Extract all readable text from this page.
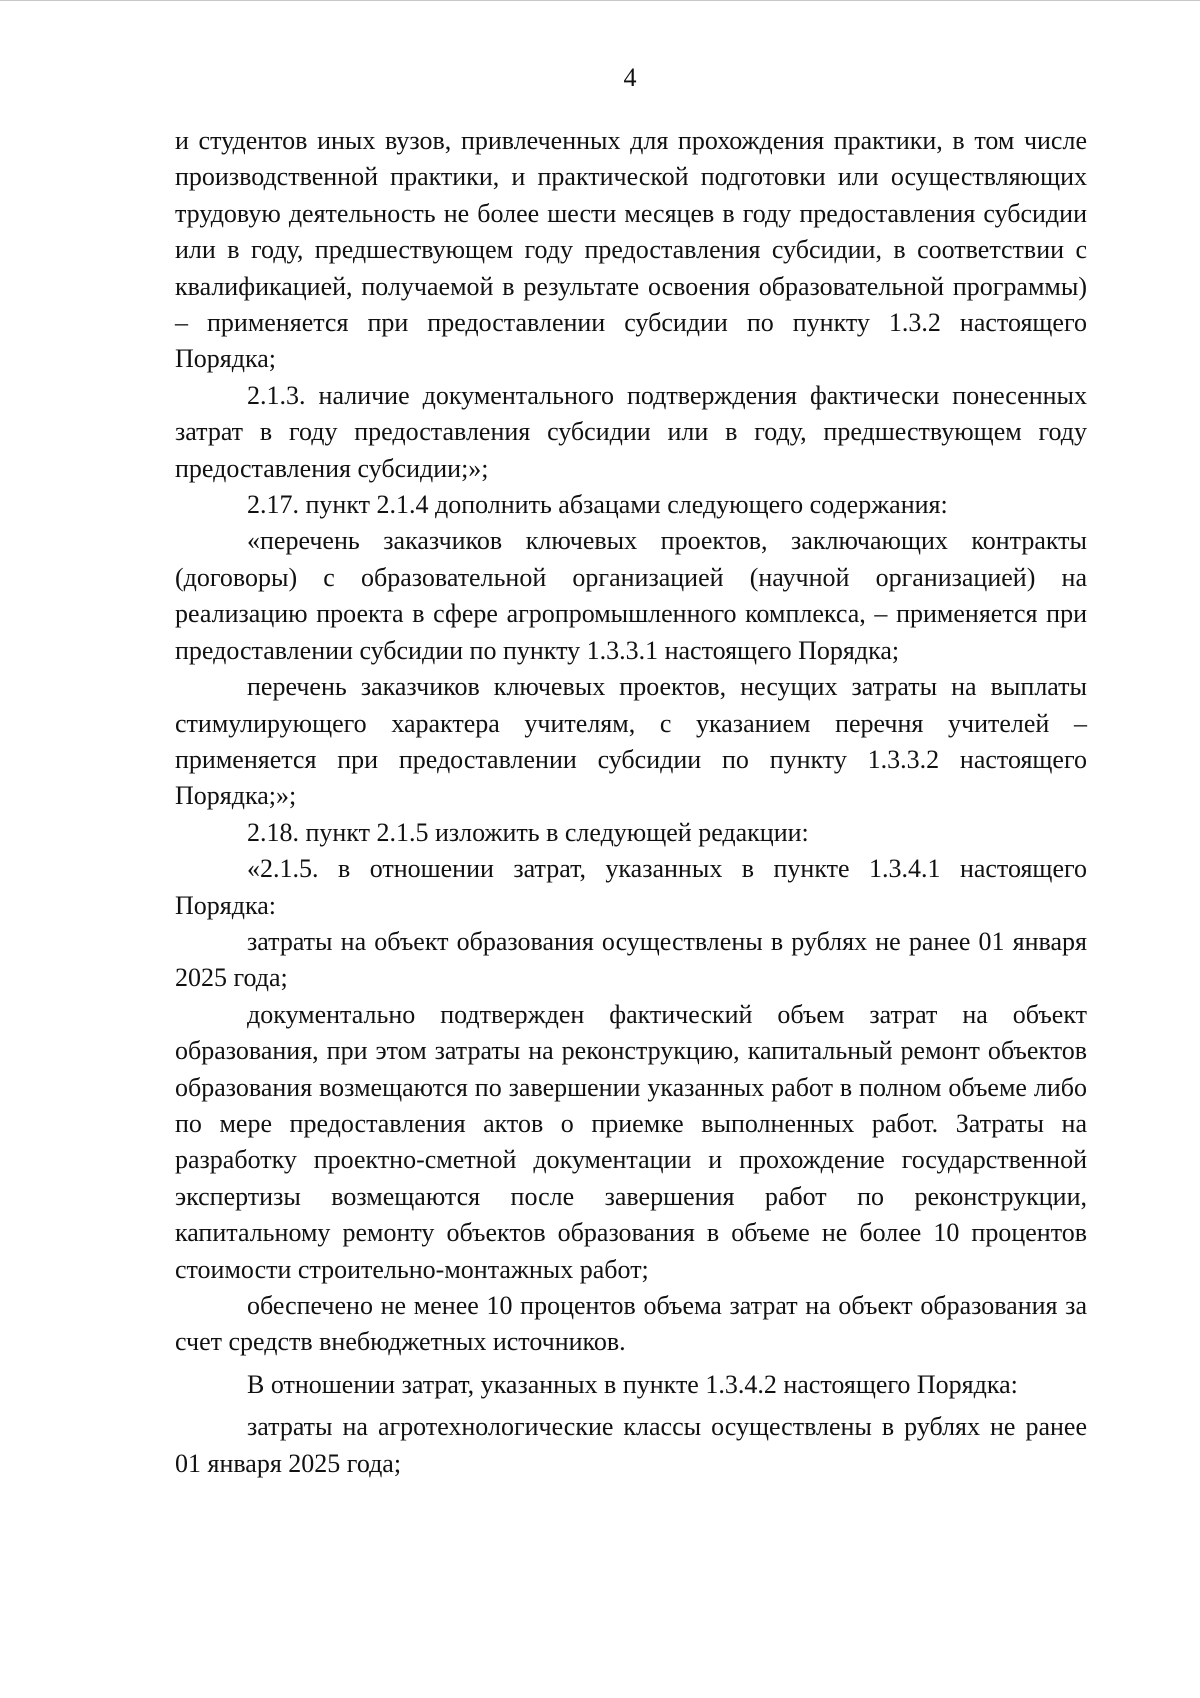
4

и студентов иных вузов, привлеченных для прохождения практики, в том числе производственной практики, и практической подготовки или осуществляющих трудовую деятельность не более шести месяцев в году предоставления субсидии или в году, предшествующем году предоставления субсидии, в соответствии с квалификацией, получаемой в результате освоения образовательной программы) – применяется при предоставлении субсидии по пункту 1.3.2 настоящего Порядка;

2.1.3. наличие документального подтверждения фактически понесенных затрат в году предоставления субсидии или в году, предшествующем году предоставления субсидии;»;

2.17. пункт 2.1.4 дополнить абзацами следующего содержания:

«перечень заказчиков ключевых проектов, заключающих контракты (договоры) с образовательной организацией (научной организацией) на реализацию проекта в сфере агропромышленного комплекса, – применяется при предоставлении субсидии по пункту 1.3.3.1 настоящего Порядка;

перечень заказчиков ключевых проектов, несущих затраты на выплаты стимулирующего характера учителям, с указанием перечня учителей – применяется при предоставлении субсидии по пункту 1.3.3.2 настоящего Порядка;»;

2.18. пункт 2.1.5 изложить в следующей редакции:

«2.1.5. в отношении затрат, указанных в пункте 1.3.4.1 настоящего Порядка:

затраты на объект образования осуществлены в рублях не ранее 01 января 2025 года;

документально подтвержден фактический объем затрат на объект образования, при этом затраты на реконструкцию, капитальный ремонт объектов образования возмещаются по завершении указанных работ в полном объеме либо по мере предоставления актов о приемке выполненных работ. Затраты на разработку проектно-сметной документации и прохождение государственной экспертизы возмещаются после завершения работ по реконструкции, капитальному ремонту объектов образования в объеме не более 10 процентов стоимости строительно-монтажных работ;

обеспечено не менее 10 процентов объема затрат на объект образования за счет средств внебюджетных источников.

В отношении затрат, указанных в пункте 1.3.4.2 настоящего Порядка:

затраты на агротехнологические классы осуществлены в рублях не ранее 01 января 2025 года;
